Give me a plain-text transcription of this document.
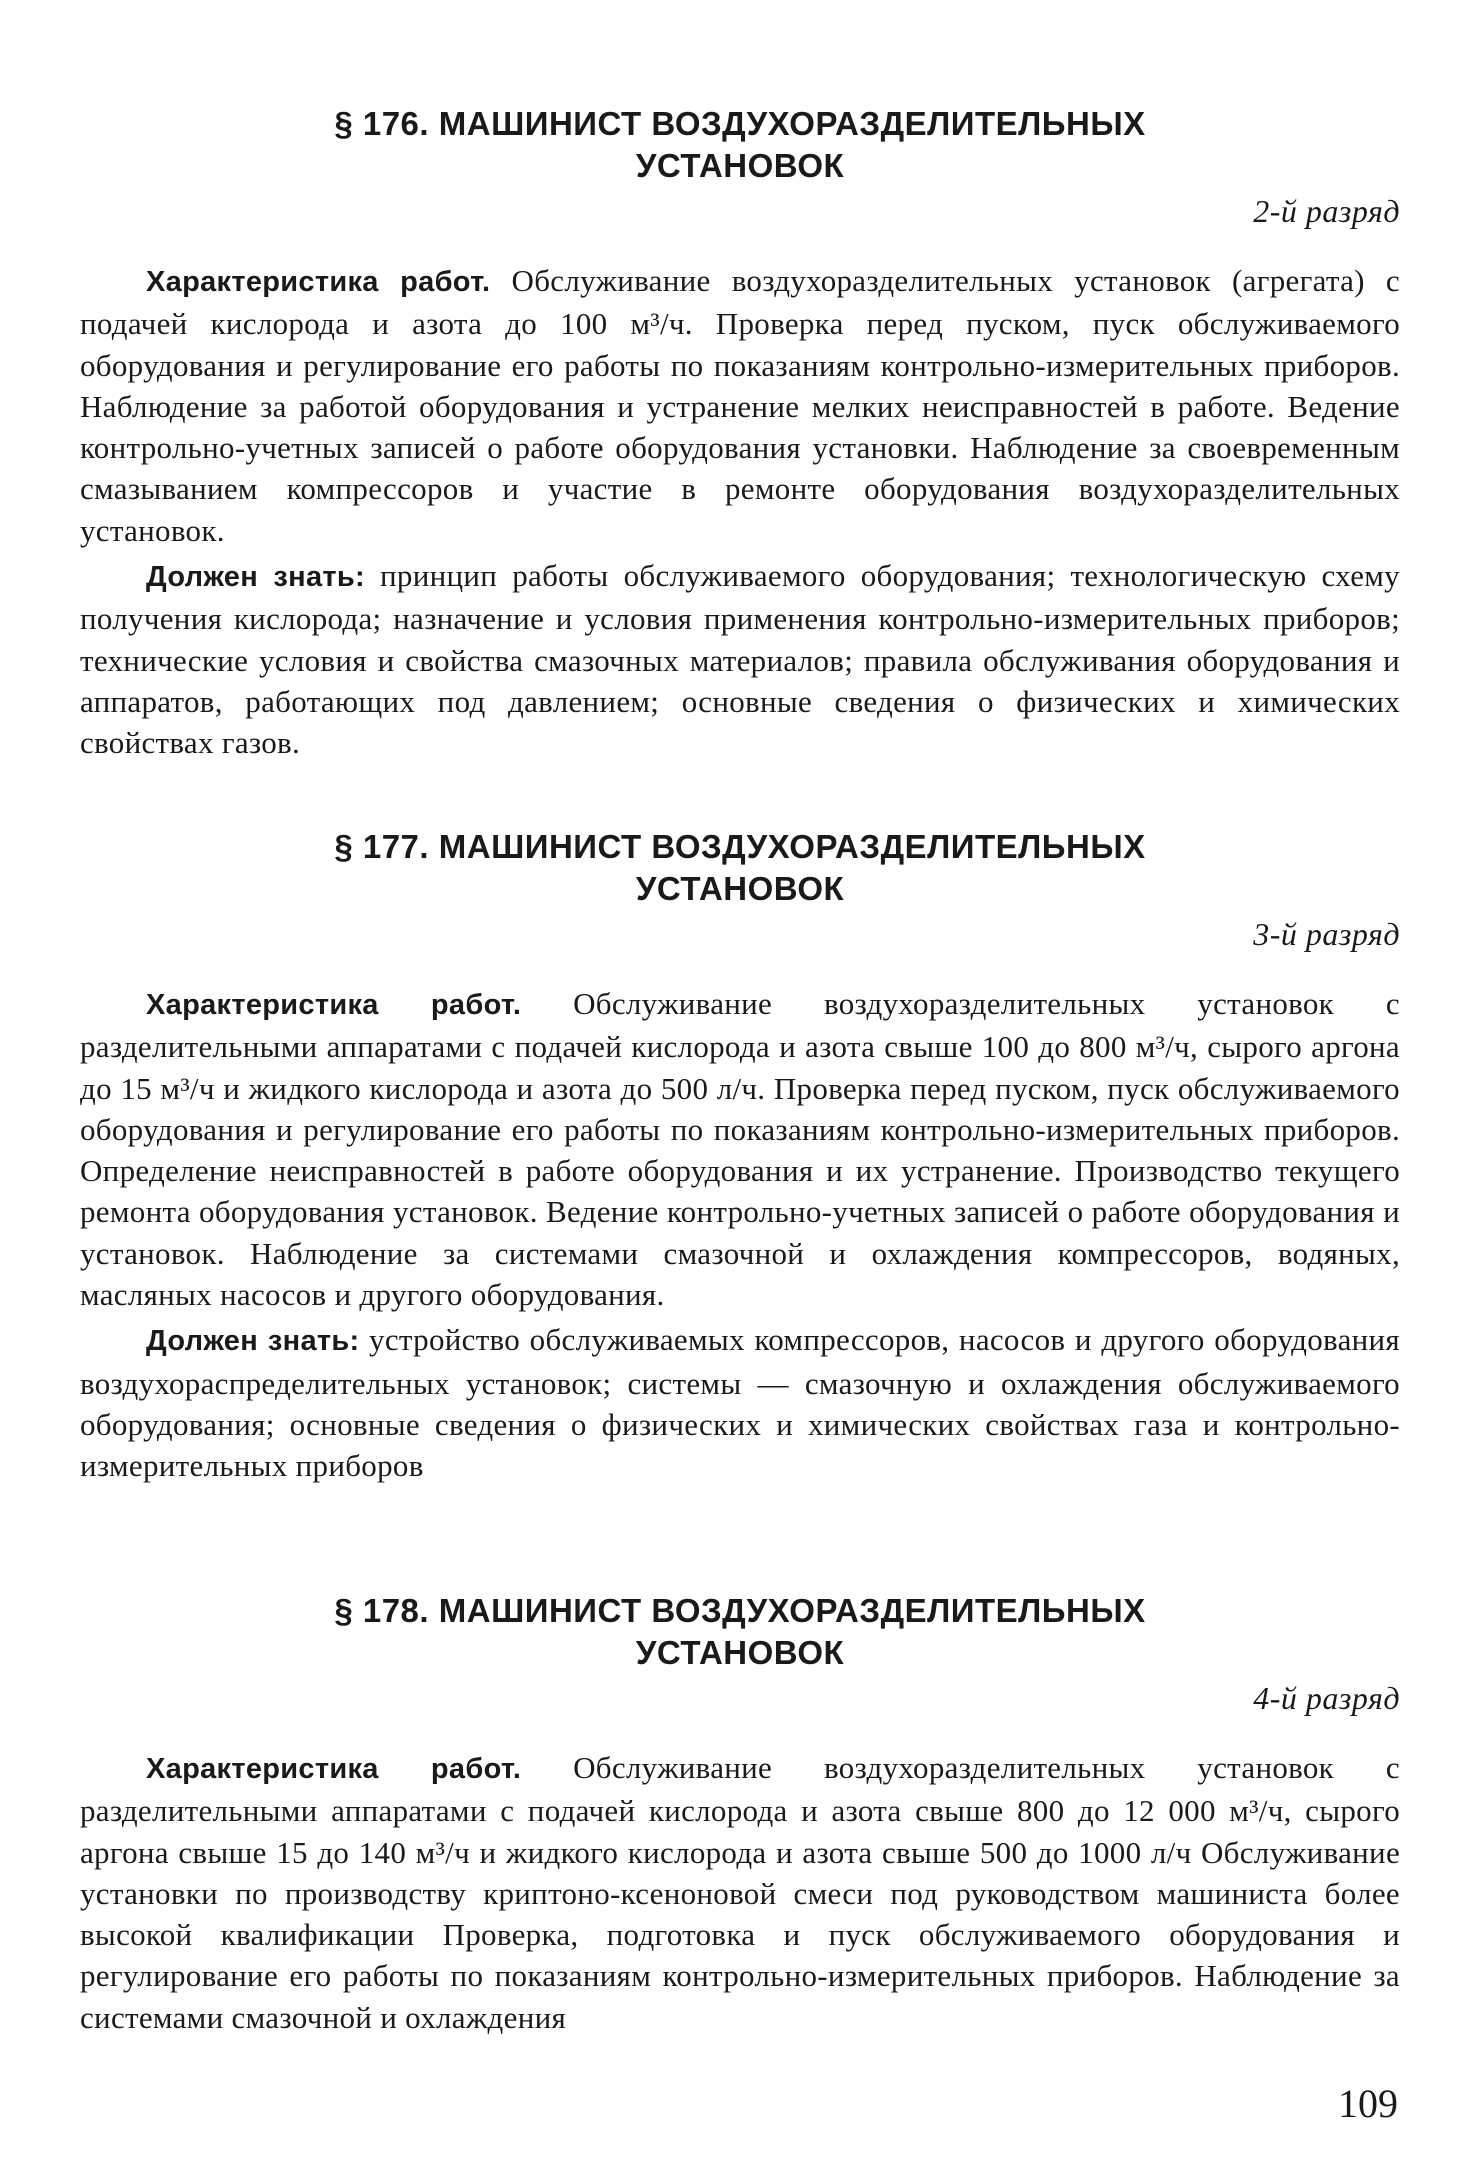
§ 176. МАШИНИСТ ВОЗДУХОРАЗДЕЛИТЕЛЬНЫХ
УСТАНОВОК

2-й разряд

Характеристика работ. Обслуживание воздухоразделительных установок (агрегата) с подачей кислорода и азота до 100 м³/ч. Проверка перед пуском, пуск обслуживаемого оборудования и регулирование его работы по показаниям контрольно-измерительных приборов. Наблюдение за работой оборудования и устранение мелких неисправностей в работе. Ведение контрольно-учетных записей о работе оборудования установки. Наблюдение за своевременным смазыванием компрессоров и участие в ремонте оборудования воздухоразделительных установок.

Должен знать: принцип работы обслуживаемого оборудования; технологическую схему получения кислорода; назначение и условия применения контрольно-измерительных приборов; технические условия и свойства смазочных материалов; правила обслуживания оборудования и аппаратов, работающих под давлением; основные сведения о физических и химических свойствах газов.

§ 177. МАШИНИСТ ВОЗДУХОРАЗДЕЛИТЕЛЬНЫХ
УСТАНОВОК

3-й разряд

Характеристика работ. Обслуживание воздухоразделительных установок с разделительными аппаратами с подачей кислорода и азота свыше 100 до 800 м³/ч, сырого аргона до 15 м³/ч и жидкого кислорода и азота до 500 л/ч. Проверка перед пуском, пуск обслуживаемого оборудования и регулирование его работы по показаниям контрольно-измерительных приборов. Определение неисправностей в работе оборудования и их устранение. Производство текущего ремонта оборудования установок. Ведение контрольно-учетных записей о работе оборудования и установок. Наблюдение за системами смазочной и охлаждения компрессоров, водяных, масляных насосов и другого оборудования.

Должен знать: устройство обслуживаемых компрессоров, насосов и другого оборудования воздухораспределительных установок; системы — смазочную и охлаждения обслуживаемого оборудования; основные сведения о физических и химических свойствах газа и контрольно-измерительных приборов

§ 178. МАШИНИСТ ВОЗДУХОРАЗДЕЛИТЕЛЬНЫХ
УСТАНОВОК

4-й разряд

Характеристика работ. Обслуживание воздухоразделительных установок с разделительными аппаратами с подачей кислорода и азота свыше 800 до 12 000 м³/ч, сырого аргона свыше 15 до 140 м³/ч и жидкого кислорода и азота свыше 500 до 1000 л/ч Обслуживание установки по производству криптоно-ксеноновой смеси под руководством машиниста более высокой квалификации Проверка, подготовка и пуск обслуживаемого оборудования и регулирование его работы по показаниям контрольно-измерительных приборов. Наблюдение за системами смазочной и охлаждения

109
